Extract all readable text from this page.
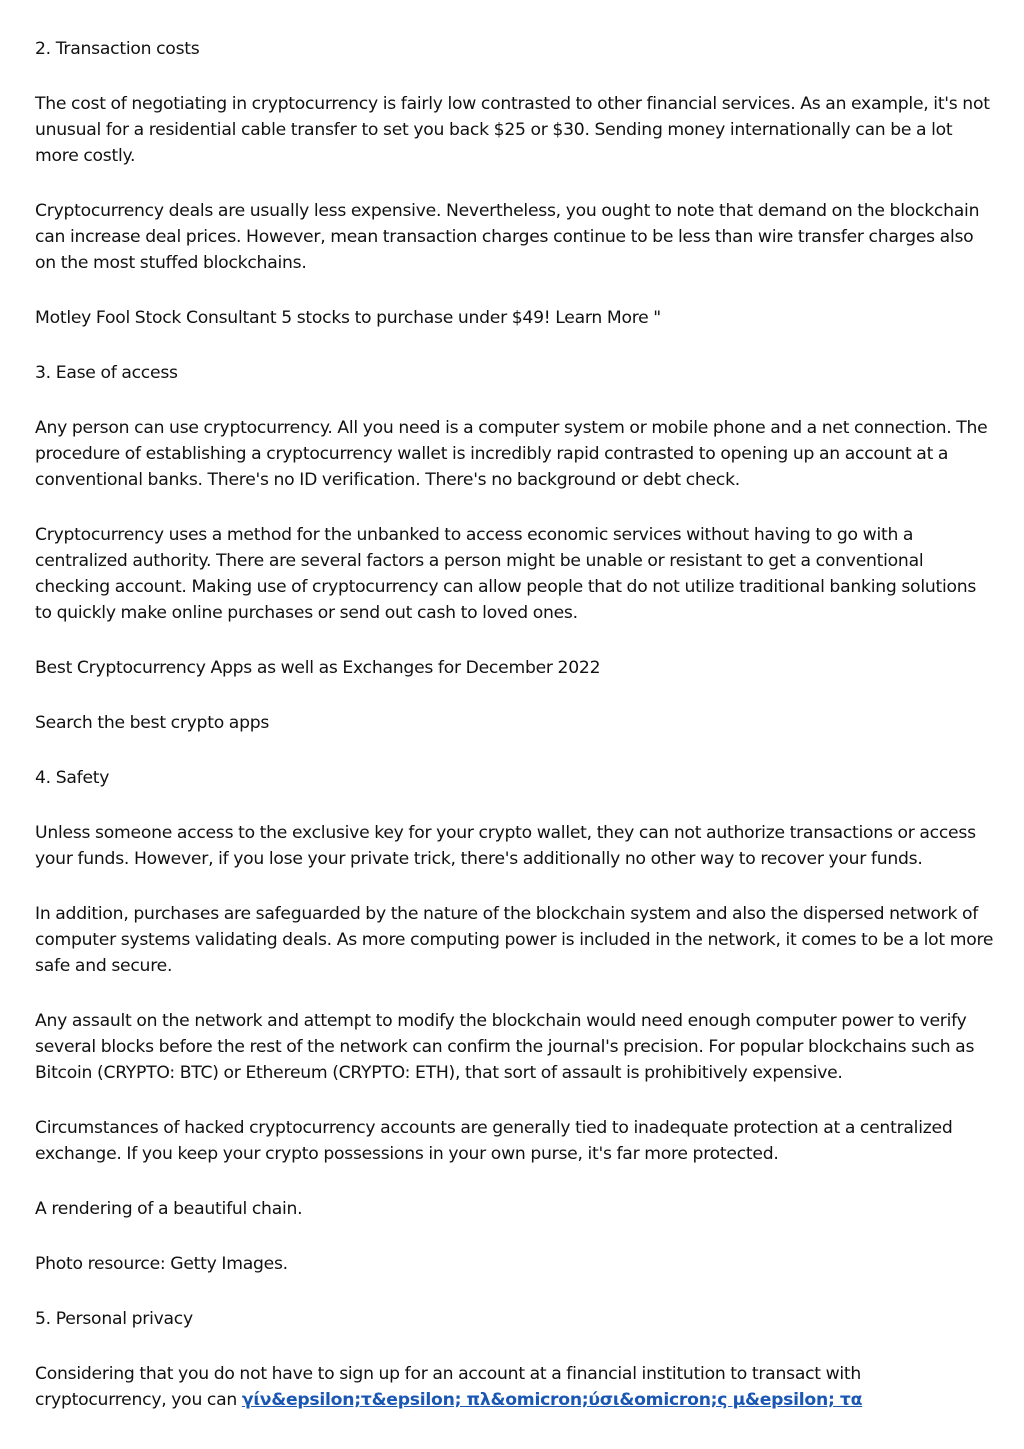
2. Transaction costs

The cost of negotiating in cryptocurrency is fairly low contrasted to other financial services. As an example, it's not unusual for a residential cable transfer to set you back $25 or $30. Sending money internationally can be a lot more costly.

Cryptocurrency deals are usually less expensive. Nevertheless, you ought to note that demand on the blockchain can increase deal prices. However, mean transaction charges continue to be less than wire transfer charges also on the most stuffed blockchains.

Motley Fool Stock Consultant 5 stocks to purchase under $49! Learn More "

3. Ease of access

Any person can use cryptocurrency. All you need is a computer system or mobile phone and a net connection. The procedure of establishing a cryptocurrency wallet is incredibly rapid contrasted to opening up an account at a conventional banks. There's no ID verification. There's no background or debt check.

Cryptocurrency uses a method for the unbanked to access economic services without having to go with a centralized authority. There are several factors a person might be unable or resistant to get a conventional checking account. Making use of cryptocurrency can allow people that do not utilize traditional banking solutions to quickly make online purchases or send out cash to loved ones.

Best Cryptocurrency Apps as well as Exchanges for December 2022

Search the best crypto apps

4. Safety

Unless someone access to the exclusive key for your crypto wallet, they can not authorize transactions or access your funds. However, if you lose your private trick, there's additionally no other way to recover your funds.

In addition, purchases are safeguarded by the nature of the blockchain system and also the dispersed network of computer systems validating deals. As more computing power is included in the network, it comes to be a lot more safe and secure.

Any assault on the network and attempt to modify the blockchain would need enough computer power to verify several blocks before the rest of the network can confirm the journal's precision. For popular blockchains such as Bitcoin (CRYPTO: BTC) or Ethereum (CRYPTO: ETH), that sort of assault is prohibitively expensive.

Circumstances of hacked cryptocurrency accounts are generally tied to inadequate protection at a centralized exchange. If you keep your crypto possessions in your own purse, it's far more protected.

A rendering of a beautiful chain.

Photo resource: Getty Images.

5. Personal privacy

Considering that you do not have to sign up for an account at a financial institution to transact with cryptocurrency, you can γίν&epsilon;τ&epsilon; πλ&omicron;ύσι&omicron;ς μ&epsilon; τα
